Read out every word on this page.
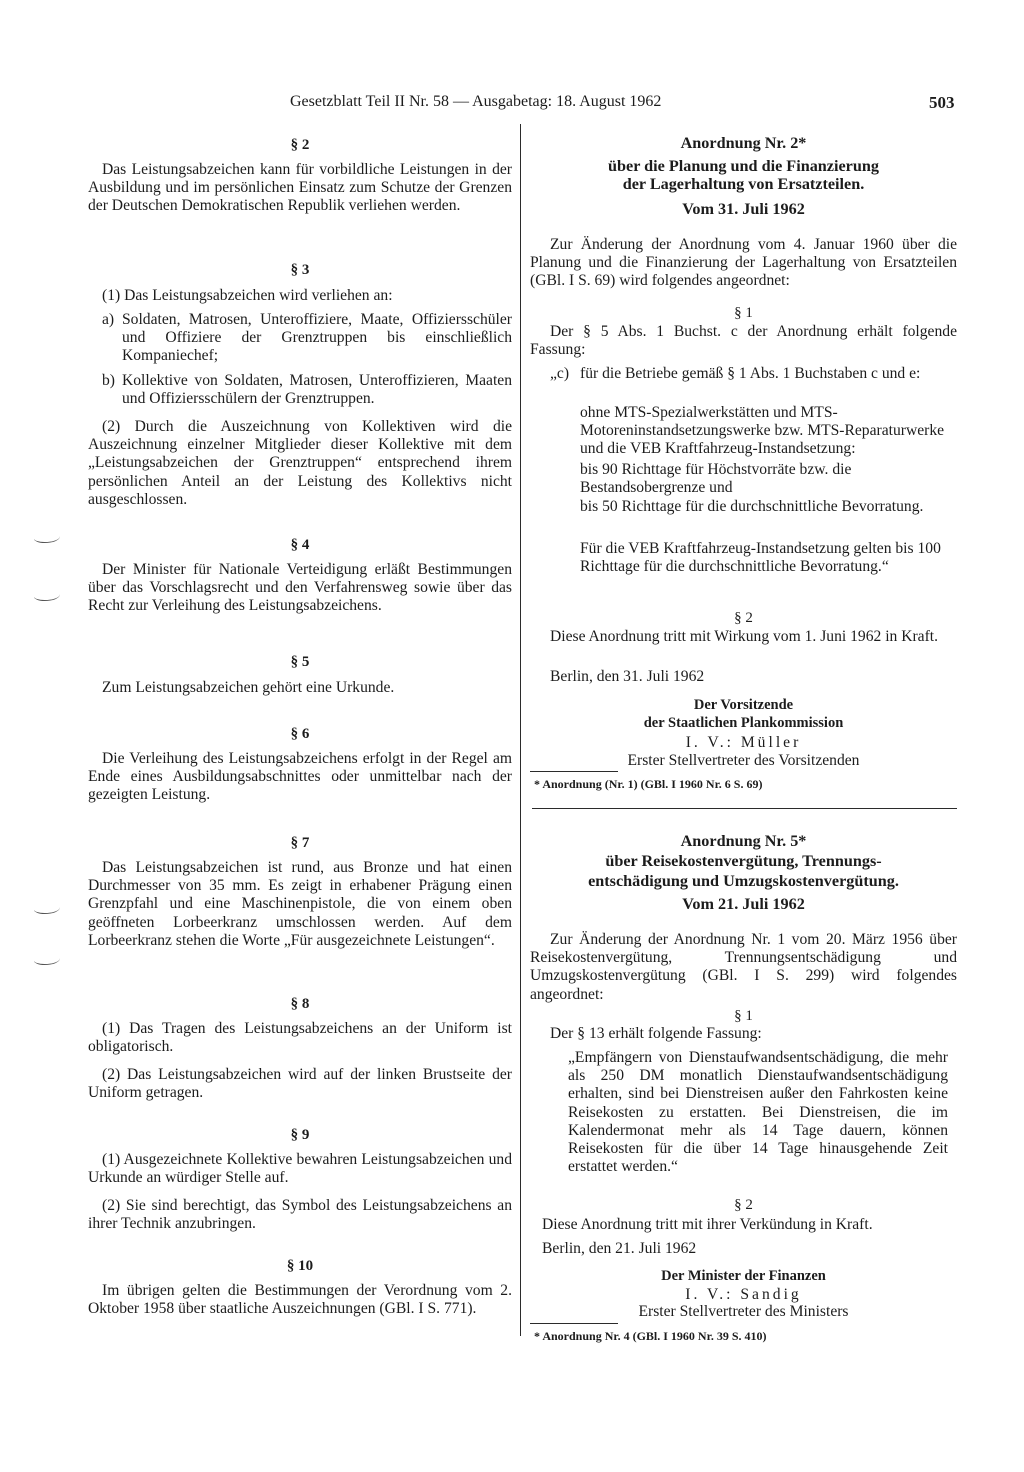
Gesetzblatt Teil II Nr. 58 — Ausgabetag: 18. August 1962	503
§ 2
Das Leistungsabzeichen kann für vorbildliche Leistungen in der Ausbildung und im persönlichen Einsatz zum Schutze der Grenzen der Deutschen Demokratischen Republik verliehen werden.
§ 3
(1) Das Leistungsabzeichen wird verliehen an:
a) Soldaten, Matrosen, Unteroffiziere, Maate, Offiziersschüler und Offiziere der Grenztruppen bis einschließlich Kompaniechef;
b) Kollektive von Soldaten, Matrosen, Unteroffizieren, Maaten und Offiziersschülern der Grenztruppen.
(2) Durch die Auszeichnung von Kollektiven wird die Auszeichnung einzelner Mitglieder dieser Kollektive mit dem „Leistungsabzeichen der Grenztruppen“ entsprechend ihrem persönlichen Anteil an der Leistung des Kollektivs nicht ausgeschlossen.
§ 4
Der Minister für Nationale Verteidigung erläßt Bestimmungen über das Vorschlagsrecht und den Verfahrensweg sowie über das Recht zur Verleihung des Leistungsabzeichens.
§ 5
Zum Leistungsabzeichen gehört eine Urkunde.
§ 6
Die Verleihung des Leistungsabzeichens erfolgt in der Regel am Ende eines Ausbildungsabschnittes oder unmittelbar nach der gezeigten Leistung.
§ 7
Das Leistungsabzeichen ist rund, aus Bronze und hat einen Durchmesser von 35 mm. Es zeigt in erhabener Prägung einen Grenzpfahl und eine Maschinenpistole, die von einem oben geöffneten Lorbeerkranz umschlossen werden. Auf dem Lorbeerkranz stehen die Worte „Für ausgezeichnete Leistungen“.
§ 8
(1) Das Tragen des Leistungsabzeichens an der Uniform ist obligatorisch.
(2) Das Leistungsabzeichen wird auf der linken Brustseite der Uniform getragen.
§ 9
(1) Ausgezeichnete Kollektive bewahren Leistungsabzeichen und Urkunde an würdiger Stelle auf.
(2) Sie sind berechtigt, das Symbol des Leistungsabzeichens an ihrer Technik anzubringen.
§ 10
Im übrigen gelten die Bestimmungen der Verordnung vom 2. Oktober 1958 über staatliche Auszeichnungen (GBl. I S. 771).
Anordnung Nr. 2*
über die Planung und die Finanzierung
der Lagerhaltung von Ersatzteilen.
Vom 31. Juli 1962
Zur Änderung der Anordnung vom 4. Januar 1960 über die Planung und die Finanzierung der Lagerhaltung von Ersatzteilen (GBl. I S. 69) wird folgendes angeordnet:
§ 1
Der § 5 Abs. 1 Buchst. c der Anordnung erhält folgende Fassung:
„c) für die Betriebe gemäß § 1 Abs. 1 Buchstaben c und e:
ohne MTS-Spezialwerkstätten und MTS-Motoreninstandsetzungswerke bzw. MTS-Reparaturwerke und die VEB Kraftfahrzeug-Instandsetzung:
bis 90 Richttage für Höchstvorräte bzw. die Bestandsobergrenze und
bis 50 Richttage für die durchschnittliche Bevorratung.
Für die VEB Kraftfahrzeug-Instandsetzung gelten bis 100 Richttage für die durchschnittliche Bevorratung.“
§ 2
Diese Anordnung tritt mit Wirkung vom 1. Juni 1962 in Kraft.
Berlin, den 31. Juli 1962
Der Vorsitzende
der Staatlichen Plankommission
I. V.: Müller
Erster Stellvertreter des Vorsitzenden
* Anordnung (Nr. 1) (GBl. I 1960 Nr. 6 S. 69)
Anordnung Nr. 5*
über Reisekostenvergütung, Trennungs-
entschädigung und Umzugskostenvergütung.
Vom 21. Juli 1962
Zur Änderung der Anordnung Nr. 1 vom 20. März 1956 über Reisekostenvergütung, Trennungsentschädigung und Umzugskostenvergütung (GBl. I S. 299) wird folgendes angeordnet:
§ 1
Der § 13 erhält folgende Fassung:
„Empfängern von Dienstaufwandsentschädigung, die mehr als 250 DM monatlich Dienstaufwandsentschädigung erhalten, sind bei Dienstreisen außer den Fahrkosten keine Reisekosten zu erstatten. Bei Dienstreisen, die im Kalendermonat mehr als 14 Tage dauern, können Reisekosten für die über 14 Tage hinausgehende Zeit erstattet werden.“
§ 2
Diese Anordnung tritt mit ihrer Verkündung in Kraft.
Berlin, den 21. Juli 1962
Der Minister der Finanzen
I. V.: Sandig
Erster Stellvertreter des Ministers
* Anordnung Nr. 4 (GBl. I 1960 Nr. 39 S. 410)
